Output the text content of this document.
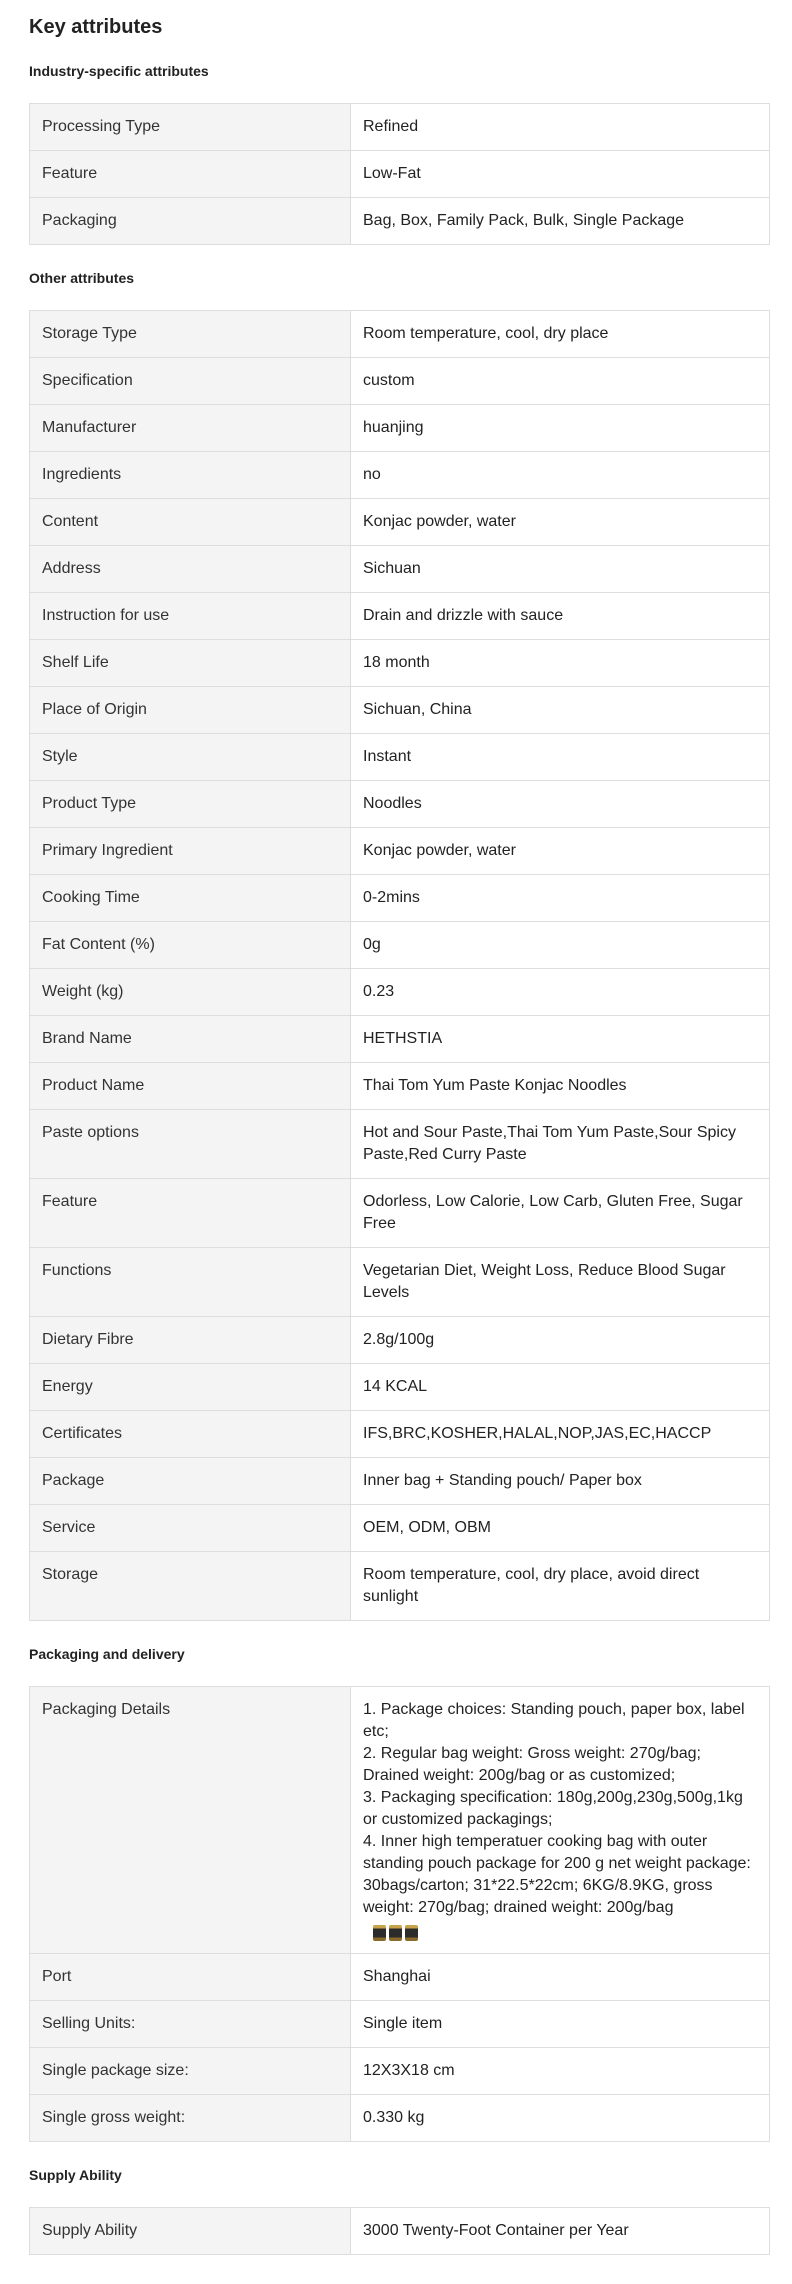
Key attributes
Industry-specific attributes
Processing Type	Refined
Feature	Low-Fat
Packaging	Bag, Box, Family Pack, Bulk, Single Package
Other attributes
Storage Type	Room temperature, cool, dry place
Specification	custom
Manufacturer	huanjing
Ingredients	no
Content	Konjac powder, water
Address	Sichuan
Instruction for use	Drain and drizzle with sauce
Shelf Life	18 month
Place of Origin	Sichuan, China
Style	Instant
Product Type	Noodles
Primary Ingredient	Konjac powder, water
Cooking Time	0-2mins
Fat Content (%)	0g
Weight (kg)	0.23
Brand Name	HETHSTIA
Product Name	Thai Tom Yum Paste Konjac Noodles
Paste options	Hot and Sour Paste,Thai Tom Yum Paste,Sour Spicy Paste,Red Curry Paste
Feature	Odorless, Low Calorie, Low Carb, Gluten Free, Sugar Free
Functions	Vegetarian Diet, Weight Loss, Reduce Blood Sugar Levels
Dietary Fibre	2.8g/100g
Energy	14 KCAL
Certificates	IFS,BRC,KOSHER,HALAL,NOP,JAS,EC,HACCP
Package	Inner bag + Standing pouch/ Paper box
Service	OEM, ODM, OBM
Storage	Room temperature, cool, dry place, avoid direct sunlight
Packaging and delivery
Packaging Details	1. Package choices: Standing pouch, paper box, label etc;
2. Regular bag weight: Gross weight: 270g/bag; Drained weight: 200g/bag or as customized;
3. Packaging specification: 180g,200g,230g,500g,1kg or customized packagings;
4. Inner high temperatuer cooking bag with outer standing pouch package for 200 g net weight package: 30bags/carton; 31*22.5*22cm; 6KG/8.9KG, gross weight: 270g/bag; drained weight: 200g/bag

Port	Shanghai
Selling Units:	Single item
Single package size:	12X3X18 cm
Single gross weight:	0.330 kg
Supply Ability
Supply Ability	3000 Twenty-Foot Container per Year
